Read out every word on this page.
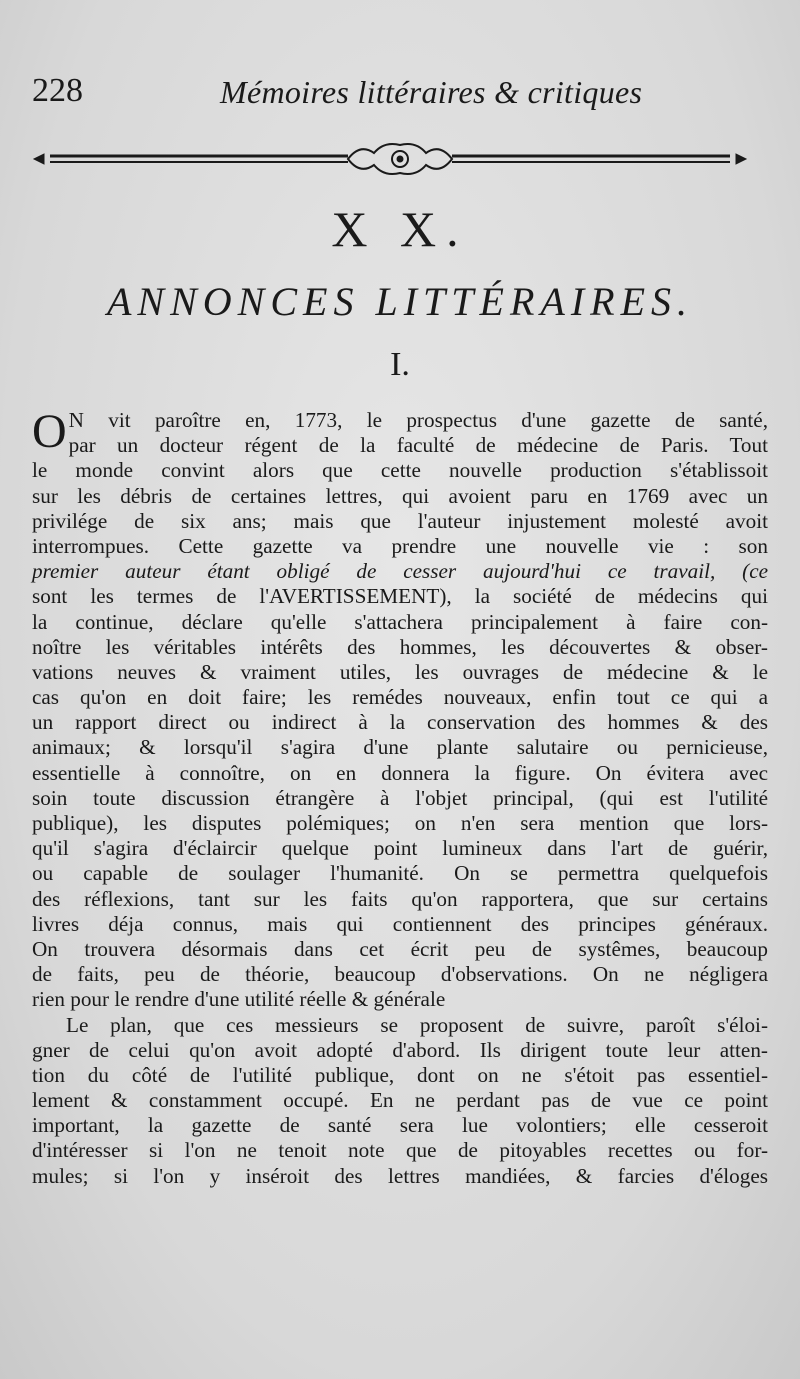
228	Mémoires littéraires & critiques
X X.
ANNONCES LITTÉRAIRES.
I.
O N vit paroître en, 1773, le prospectus d'une gazette de santé,
par un docteur régent de la faculté de médecine de Paris. Tout
le monde convint alors que cette nouvelle production s'établissoit
sur les débris de certaines lettres, qui avoient paru en 1769 avec un
privilége de six ans; mais que l'auteur injustement molesté avoit
interrompues. Cette gazette va prendre une nouvelle vie : son
premier auteur étant obligé de cesser aujourd'hui ce travail, (ce
sont les termes de l'AVERTISSEMENT), la société de médecins qui
la continue, déclare qu'elle s'attachera principalement à faire con-
noître les véritables intérêts des hommes, les découvertes & obser-
vations neuves & vraiment utiles, les ouvrages de médecine & le
cas qu'on en doit faire; les remédes nouveaux, enfin tout ce qui a
un rapport direct ou indirect à la conservation des hommes & des
animaux; & lorsqu'il s'agira d'une plante salutaire ou pernicieuse,
essentielle à connoître, on en donnera la figure. On évitera avec
soin toute discussion étrangère à l'objet principal, (qui est l'utilité
publique), les disputes polémiques; on n'en sera mention que lors-
qu'il s'agira d'éclaircir quelque point lumineux dans l'art de guérir,
ou capable de soulager l'humanité. On se permettra quelquefois
des réflexions, tant sur les faits qu'on rapportera, que sur certains
livres déja connus, mais qui contiennent des principes généraux.
On trouvera désormais dans cet écrit peu de systêmes, beaucoup
de faits, peu de théorie, beaucoup d'observations. On ne négligera
rien pour le rendre d'une utilité réelle & générale
Le plan, que ces messieurs se proposent de suivre, paroît s'éloi-
gner de celui qu'on avoit adopté d'abord. Ils dirigent toute leur atten-
tion du côté de l'utilité publique, dont on ne s'étoit pas essentiel-
lement & constamment occupé. En ne perdant pas de vue ce point
important, la gazette de santé sera lue volontiers; elle cesseroit
d'intéresser si l'on ne tenoit note que de pitoyables recettes ou for-
mules; si l'on y inséroit des lettres mandiées, & farcies d'éloges
